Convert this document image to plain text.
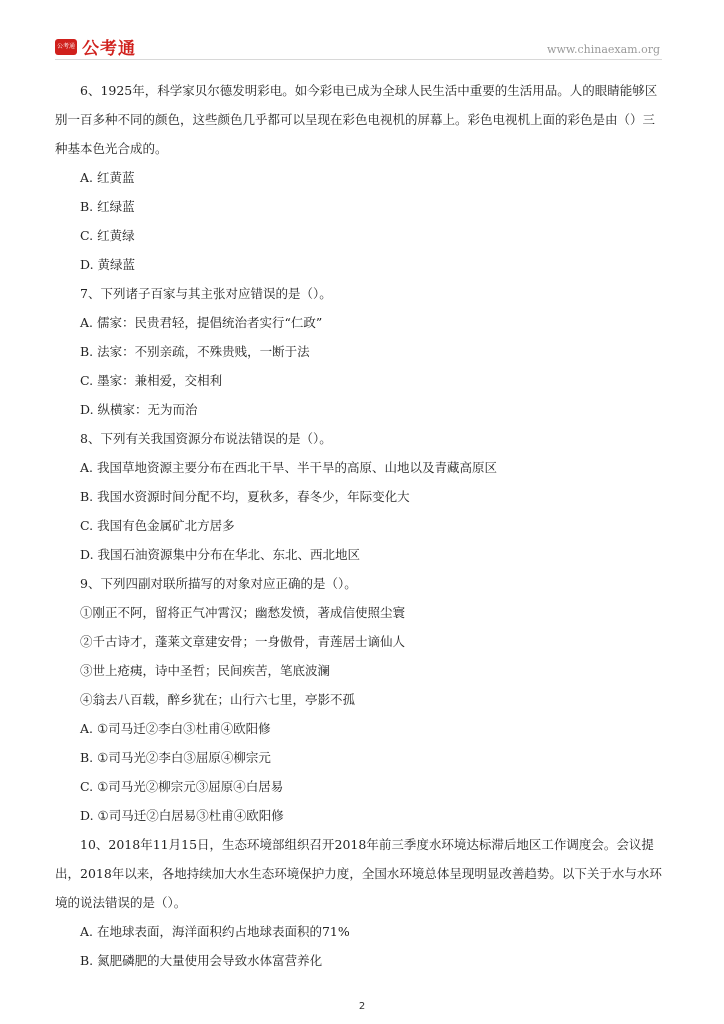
公考通 公考通	www.chinaexam.org

6、1925年，科学家贝尔德发明彩电。如今彩电已成为全球人民生活中重要的生活用品。人的眼睛能够区别一百多种不同的颜色，这些颜色几乎都可以呈现在彩色电视机的屏幕上。彩色电视机上面的彩色是由（）三种基本色光合成的。

A. 红黄蓝

B. 红绿蓝

C. 红黄绿

D. 黄绿蓝

7、下列诸子百家与其主张对应错误的是（）。

A. 儒家：民贵君轻，提倡统治者实行“仁政”

B. 法家：不别亲疏，不殊贵贱，一断于法

C. 墨家：兼相爱，交相利

D. 纵横家：无为而治

8、下列有关我国资源分布说法错误的是（）。

A. 我国草地资源主要分布在西北干旱、半干旱的高原、山地以及青藏高原区

B. 我国水资源时间分配不均，夏秋多，春冬少，年际变化大

C. 我国有色金属矿北方居多

D. 我国石油资源集中分布在华北、东北、西北地区

9、下列四副对联所描写的对象对应正确的是（）。

①刚正不阿，留将正气冲霄汉；幽愁发愤，著成信使照尘寰

②千古诗才，蓬莱文章建安骨；一身傲骨，青莲居士谪仙人

③世上疮痍，诗中圣哲；民间疾苦，笔底波澜

④翁去八百载，醉乡犹在；山行六七里，亭影不孤

A. ①司马迁②李白③杜甫④欧阳修

B. ①司马光②李白③屈原④柳宗元

C. ①司马光②柳宗元③屈原④白居易

D. ①司马迁②白居易③杜甫④欧阳修

10、2018年11月15日，生态环境部组织召开2018年前三季度水环境达标滞后地区工作调度会。会议提出，2018年以来，各地持续加大水生态环境保护力度，全国水环境总体呈现明显改善趋势。以下关于水与水环境的说法错误的是（）。

A. 在地球表面，海洋面积约占地球表面积的71%

B. 氮肥磷肥的大量使用会导致水体富营养化

2
